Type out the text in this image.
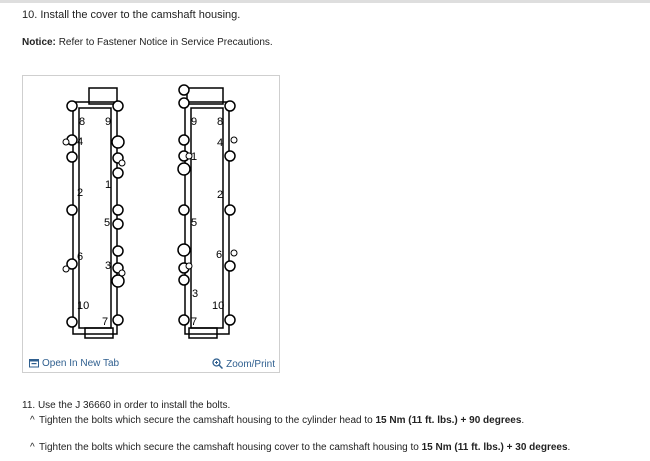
10. Install the cover to the camshaft housing.
Notice: Refer to Fastener Notice in Service Precautions.
8 9
4
1
2
5
6
3
10
7
9 8
1
4
2
5
6
3
10
7
Open In New Tab	Zoom/Print
11. Use the J 36660 in order to install the bolts.
^ Tighten the bolts which secure the camshaft housing to the cylinder head to 15 Nm (11 ft. lbs.) + 90 degrees.
^ Tighten the bolts which secure the camshaft housing cover to the camshaft housing to 15 Nm (11 ft. lbs.) + 30 degrees.
